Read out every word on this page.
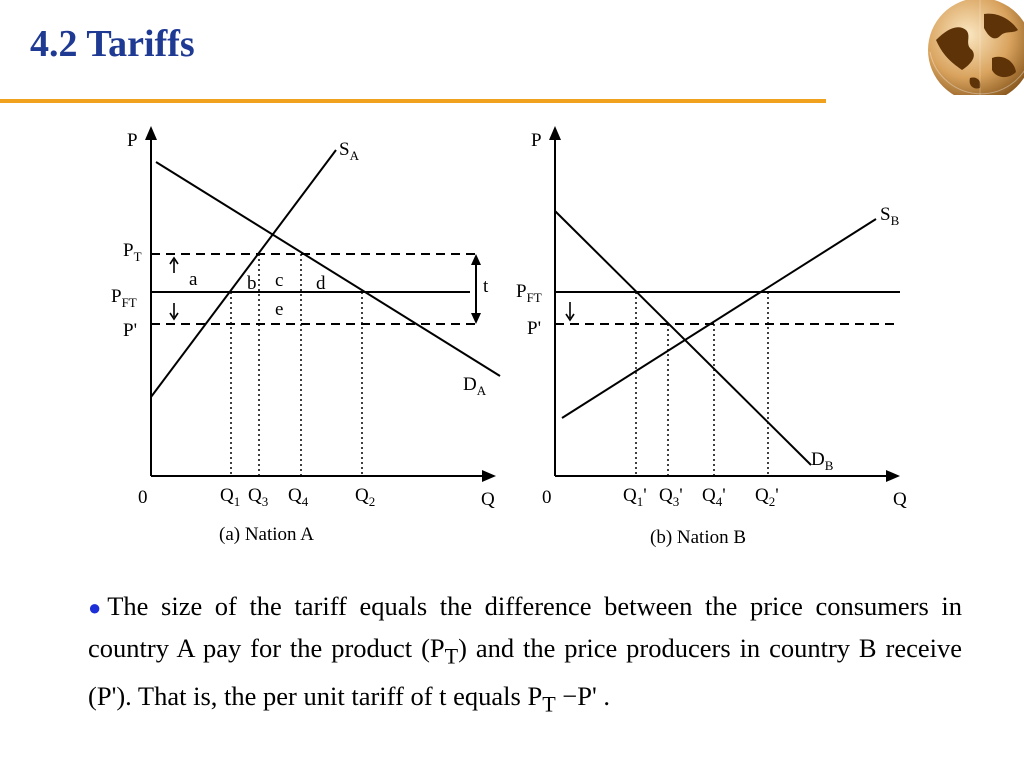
4.2 Tariffs
P
Q
0
$S_A$
$D_A$
$P_T$
$P_{FT}$
P'
a	b c d
e
t
$Q_1$ $Q_3$ $Q_4$ $Q_2$
(a) Nation A
P
Q
0
$S_B$
$D_B$
$P_{FT}$
P'
$Q_1'$ $Q_3'$ $Q_4'$ $Q_2'$
(b) Nation B

●The size of the tariff equals the difference between the price consumers in country A pay for the product $(P_T)$ and the price producers in country B receive (P'). That is, the per unit tariff of t equals $P_T -P'$ .
